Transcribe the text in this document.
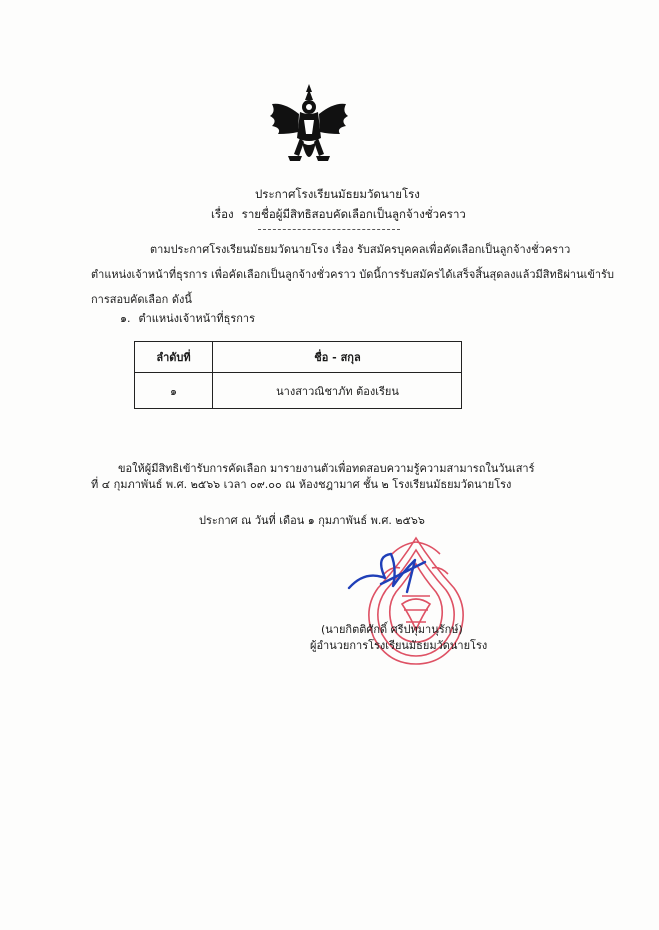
ประกาศโรงเรียนมัธยมวัดนายโรง
เรื่อง รายชื่อผู้มีสิทธิสอบคัดเลือกเป็นลูกจ้างชั่วคราว
ตามประกาศโรงเรียนมัธยมวัดนายโรง เรื่อง รับสมัครบุคคลเพื่อคัดเลือกเป็นลูกจ้างชั่วคราว
ตำแหน่งเจ้าหน้าที่ธุรการ เพื่อคัดเลือกเป็นลูกจ้างชั่วคราว บัดนี้การรับสมัครได้เสร็จสิ้นสุดลงแล้วมีสิทธิผ่านเข้ารับ
การสอบคัดเลือก ดังนี้
๑. ตำแหน่งเจ้าหน้าที่ธุรการ
ลำดับที่	ชื่อ - สกุล
๑	นางสาวณิชาภัท ต้องเรียน
ขอให้ผู้มีสิทธิเข้ารับการคัดเลือก มารายงานตัวเพื่อทดสอบความรู้ความสามารถในวันเสาร์
ที่ ๔ กุมภาพันธ์ พ.ศ. ๒๕๖๖ เวลา ๐๙.๐๐ ณ ห้องชฎามาศ ชั้น ๒ โรงเรียนมัธยมวัดนายโรง
ประกาศ ณ วันที่ เดือน ๑ กุมภาพันธ์ พ.ศ. ๒๕๖๖
(นายกิตติศักดิ์ ศรีปทุมานุรักษ์)
ผู้อำนวยการโรงเรียนมัธยมวัดนายโรง
